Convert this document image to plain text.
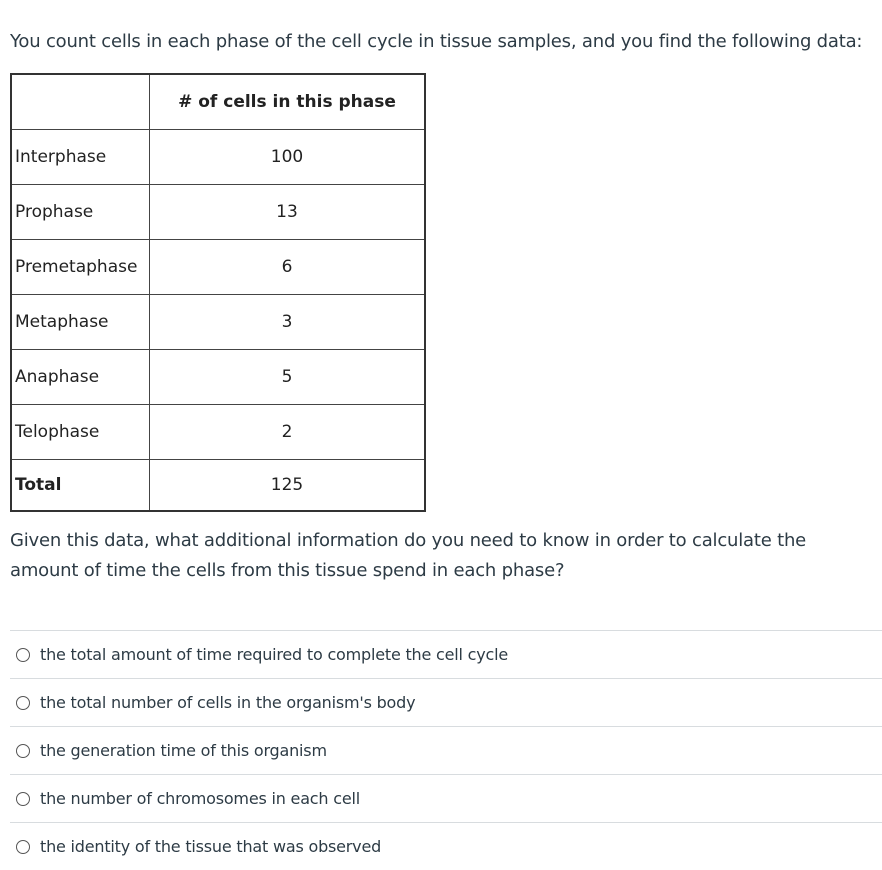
You count cells in each phase of the cell cycle in tissue samples, and you find the following data:
	# of cells in this phase
Interphase	100
Prophase	13
Premetaphase	6
Metaphase	3
Anaphase	5
Telophase	2
Total	125
Given this data, what additional information do you need to know in order to calculate the amount of time the cells from this tissue spend in each phase?
the total amount of time required to complete the cell cycle
the total number of cells in the organism's body
the generation time of this organism
the number of chromosomes in each cell
the identity of the tissue that was observed
